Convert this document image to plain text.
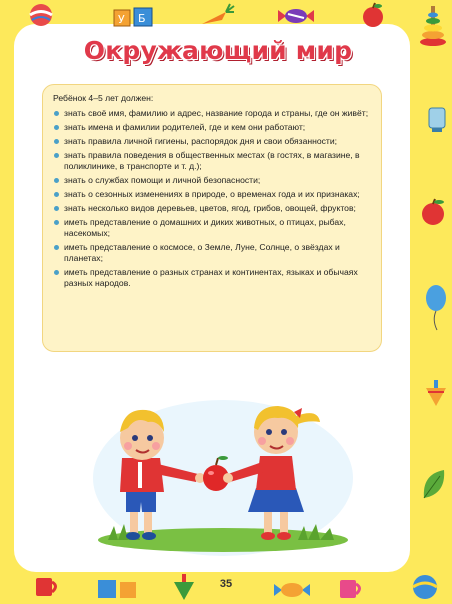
У Б
Окружающий мир

Ребёнок 4–5 лет должен:

знать своё имя, фамилию и адрес, название города и страны, где он живёт;
знать имена и фамилии родителей, где и кем они работают;
знать правила личной гигиены, распорядок дня и свои обязанности;
знать правила поведения в общественных местах (в гостях, в магазине, в поликлинике, в транспорте и т. д.);
знать о службах помощи и личной безопасности;
знать о сезонных изменениях в природе, о временах года и их признаках;
знать несколько видов деревьев, цветов, ягод, грибов, овощей, фруктов;
иметь представление о домашних и диких животных, о птицах, рыбах, насекомых;
иметь представление о космосе, о Земле, Луне, Солнце, о звёздах и планетах;
иметь представление о разных странах и континентах, языках и обычаях разных народов.
35
